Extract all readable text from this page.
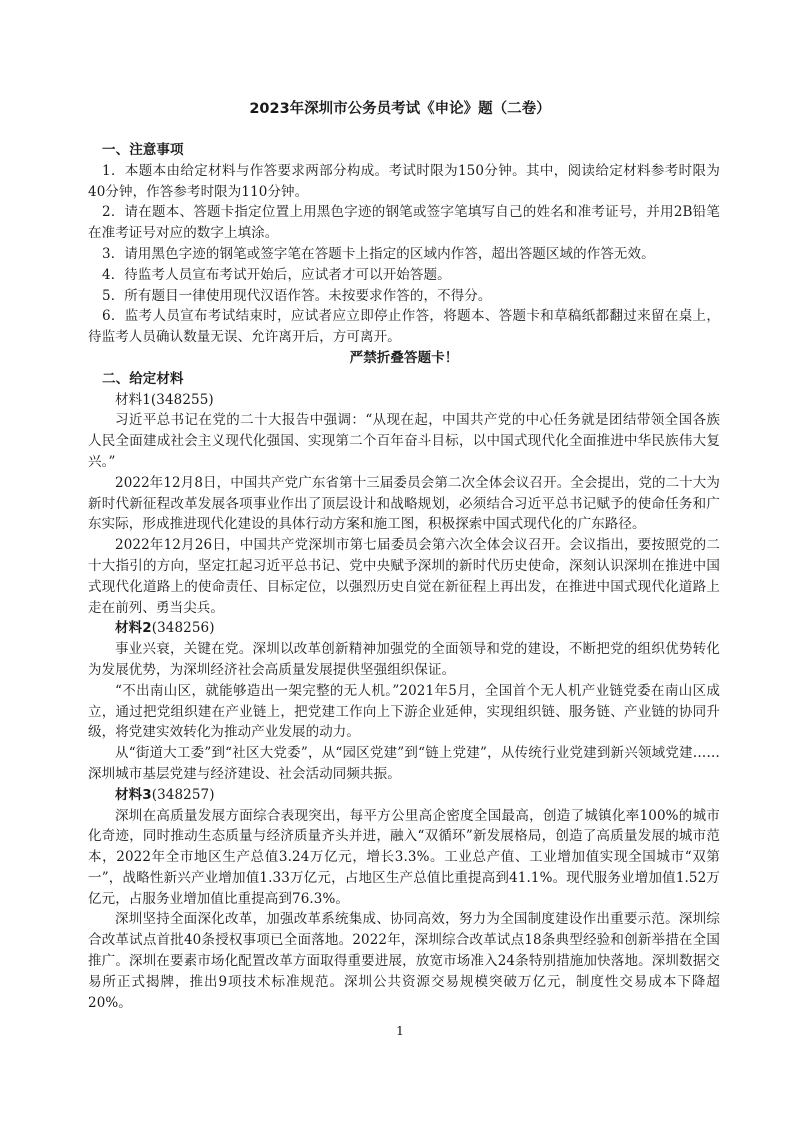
2023年深圳市公务员考试《申论》题（二卷）

一、注意事项

1．本题本由给定材料与作答要求两部分构成。考试时限为150分钟。其中，阅读给定材料参考时限为40分钟，作答参考时限为110分钟。

2．请在题本、答题卡指定位置上用黑色字迹的钢笔或签字笔填写自己的姓名和准考证号，并用2B铅笔在准考证号对应的数字上填涂。

3．请用黑色字迹的钢笔或签字笔在答题卡上指定的区域内作答，超出答题区域的作答无效。

4．待监考人员宣布考试开始后，应试者才可以开始答题。

5．所有题目一律使用现代汉语作答。未按要求作答的，不得分。

6．监考人员宣布考试结束时，应试者应立即停止作答，将题本、答题卡和草稿纸都翻过来留在桌上，待监考人员确认数量无误、允许离开后，方可离开。

严禁折叠答题卡！

二、给定材料

材料1(348255)

习近平总书记在党的二十大报告中强调：“从现在起，中国共产党的中心任务就是团结带领全国各族人民全面建成社会主义现代化强国、实现第二个百年奋斗目标，以中国式现代化全面推进中华民族伟大复兴。”

2022年12月8日，中国共产党广东省第十三届委员会第二次全体会议召开。全会提出，党的二十大为新时代新征程改革发展各项事业作出了顶层设计和战略规划，必须结合习近平总书记赋予的使命任务和广东实际，形成推进现代化建设的具体行动方案和施工图，积极探索中国式现代化的广东路径。

2022年12月26日，中国共产党深圳市第七届委员会第六次全体会议召开。会议指出，要按照党的二十大指引的方向，坚定扛起习近平总书记、党中央赋予深圳的新时代历史使命，深刻认识深圳在推进中国式现代化道路上的使命责任、目标定位，以强烈历史自觉在新征程上再出发，在推进中国式现代化道路上走在前列、勇当尖兵。

材料2(348256)

事业兴衰，关键在党。深圳以改革创新精神加强党的全面领导和党的建设，不断把党的组织优势转化为发展优势，为深圳经济社会高质量发展提供坚强组织保证。

“不出南山区，就能够造出一架完整的无人机。”2021年5月，全国首个无人机产业链党委在南山区成立，通过把党组织建在产业链上，把党建工作向上下游企业延伸，实现组织链、服务链、产业链的协同升级，将党建实效转化为推动产业发展的动力。

从“街道大工委”到“社区大党委”，从“园区党建”到“链上党建”，从传统行业党建到新兴领域党建……深圳城市基层党建与经济建设、社会活动同频共振。

材料3(348257)

深圳在高质量发展方面综合表现突出，每平方公里高企密度全国最高，创造了城镇化率100%的城市化奇迹，同时推动生态质量与经济质量齐头并进，融入“双循环”新发展格局，创造了高质量发展的城市范本，2022年全市地区生产总值3.24万亿元，增长3.3%。工业总产值、工业增加值实现全国城市“双第一”，战略性新兴产业增加值1.33万亿元，占地区生产总值比重提高到41.1%。现代服务业增加值1.52万亿元，占服务业增加值比重提高到76.3%。

深圳坚持全面深化改革，加强改革系统集成、协同高效，努力为全国制度建设作出重要示范。深圳综合改革试点首批40条授权事项已全面落地。2022年，深圳综合改革试点18条典型经验和创新举措在全国推广。深圳在要素市场化配置改革方面取得重要进展，放宽市场准入24条特别措施加快落地。深圳数据交易所正式揭牌，推出9项技术标准规范。深圳公共资源交易规模突破万亿元，制度性交易成本下降超20%。

1
